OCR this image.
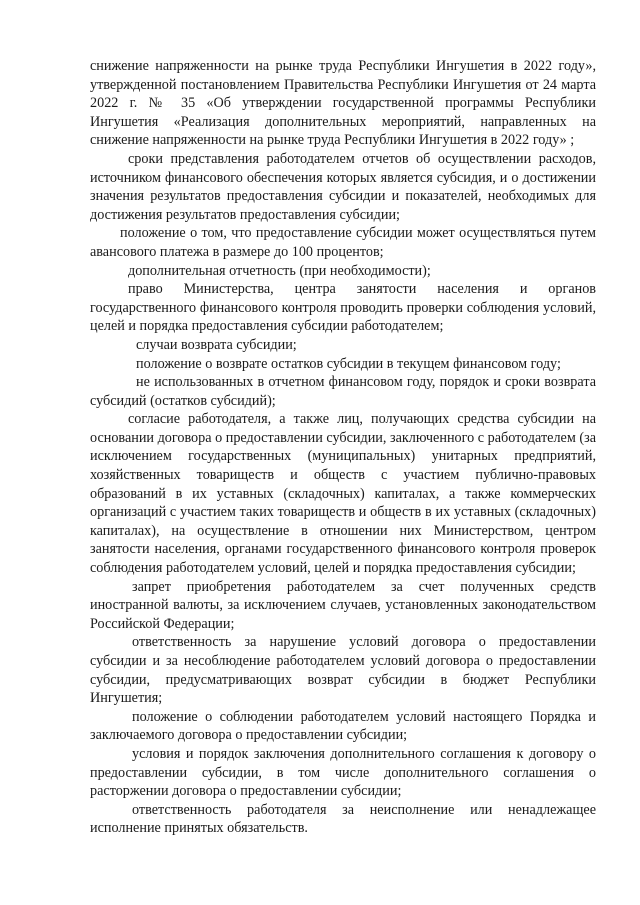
снижение напряженности на рынке труда Республики Ингушетия в 2022 году», утвержденной постановлением Правительства Республики Ингушетия от 24 марта 2022 г. № 35 «Об утверждении государственной программы Республики Ингушетия «Реализация дополнительных мероприятий, направленных на снижение напряженности на рынке труда Республики Ингушетия в 2022 году» ;

сроки представления работодателем отчетов об осуществлении расходов, источником финансового обеспечения которых является субсидия, и о достижении значения результатов предоставления субсидии и показателей, необходимых для достижения результатов предоставления субсидии;

положение о том, что предоставление субсидии может осуществляться путем авансового платежа в размере до 100 процентов;

дополнительная отчетность (при необходимости);

право Министерства, центра занятости населения и органов государственного финансового контроля проводить проверки соблюдения условий, целей и порядка предоставления субсидии работодателем;

случаи возврата субсидии;

положение о возврате остатков субсидии в текущем финансовом году;

не использованных в отчетном финансовом году, порядок и сроки возврата субсидий (остатков субсидий);

согласие работодателя, а также лиц, получающих средства субсидии на основании договора о предоставлении субсидии, заключенного с работодателем (за исключением государственных (муниципальных) унитарных предприятий, хозяйственных товариществ и обществ с участием публично-правовых образований в их уставных (складочных) капиталах, а также коммерческих организаций с участием таких товариществ и обществ в их уставных (складочных) капиталах), на осуществление в отношении них Министерством, центром занятости населения, органами государственного финансового контроля проверок соблюдения работодателем условий, целей и порядка предоставления субсидии;

запрет приобретения работодателем за счет полученных средств иностранной валюты, за исключением случаев, установленных законодательством Российской Федерации;

ответственность за нарушение условий договора о предоставлении субсидии и за несоблюдение работодателем условий договора о предоставлении субсидии, предусматривающих возврат субсидии в бюджет Республики Ингушетия;

положение о соблюдении работодателем условий настоящего Порядка и заключаемого договора о предоставлении субсидии;

условия и порядок заключения дополнительного соглашения к договору о предоставлении субсидии, в том числе дополнительного соглашения о расторжении договора о предоставлении субсидии;

ответственность работодателя за неисполнение или ненадлежащее исполнение принятых обязательств.
